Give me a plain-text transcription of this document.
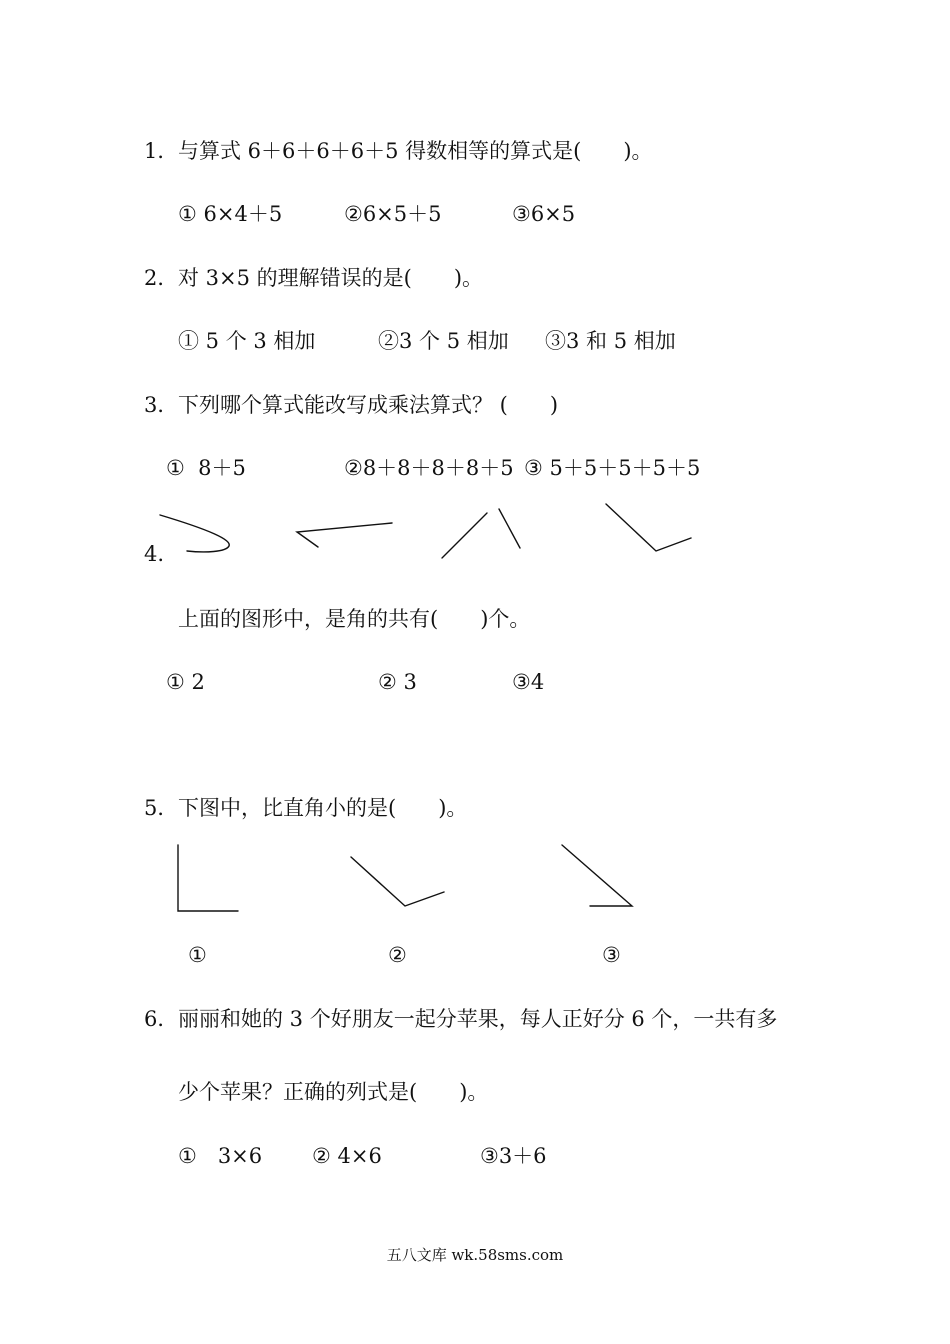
1． 与算式 6＋6＋6＋6＋5 得数相等的算式是(　　)。
① 6×4＋5	②6×5＋5	③6×5
2． 对 3×5 的理解错误的是(　　)。
① 5 个 3 相加	②3 个 5 相加 ③3 和 5 相加
3． 下列哪个算式能改写成乘法算式？ (　　)
①  8＋5	②8＋8＋8＋8＋5 ③ 5＋5＋5＋5＋5
4.
上面的图形中，是角的共有(　　)个。
① 2	② 3	③4
5． 下图中，比直角小的是(　　)。
①	②	③
6． 丽丽和她的 3 个好朋友一起分苹果，每人正好分 6 个，一共有多
少个苹果？正确的列式是(　　)。
①　3×6 ② 4×6	③3＋6
五八文库 wk.58sms.com
